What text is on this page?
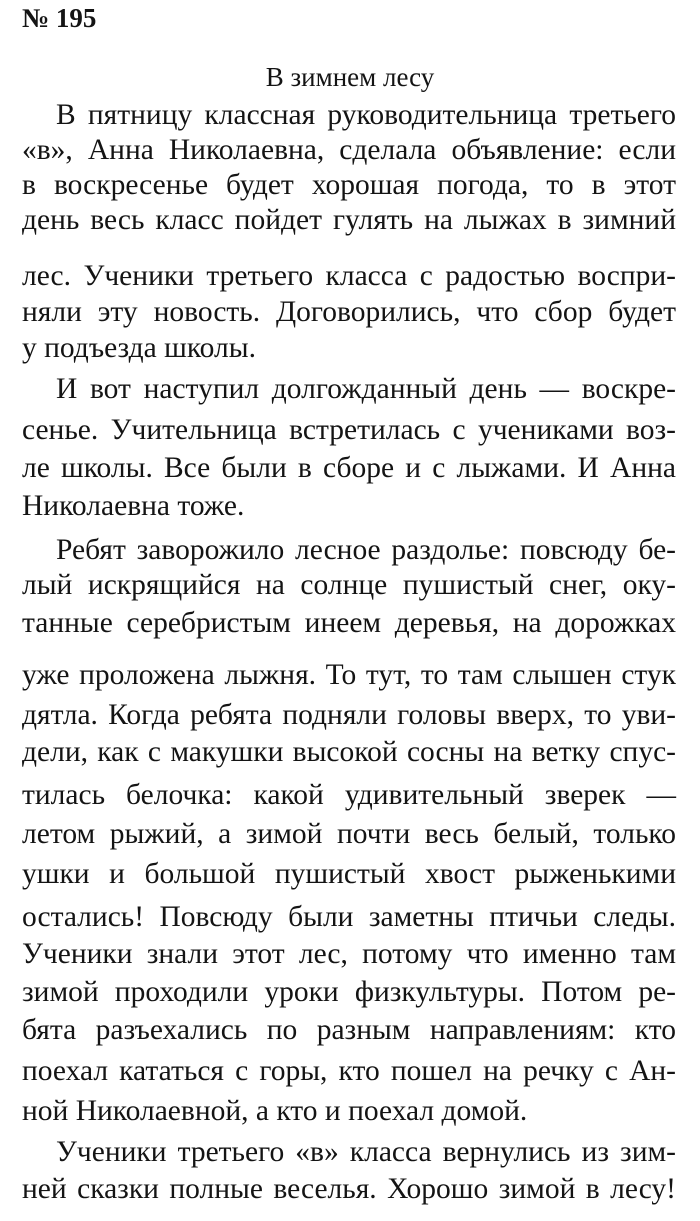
№ 195
В зимнем лесу
В пятницу классная руководительница третьего
«в», Анна Николаевна, сделала объявление: если
в воскресенье будет хорошая погода, то в этот
день весь класс пойдет гулять на лыжах в зимний
лес. Ученики третьего класса с радостью воспри-
няли эту новость. Договорились, что сбор будет
у подъезда школы.
И вот наступил долгожданный день — воскре-
сенье. Учительница встретилась с учениками воз-
ле школы. Все были в сборе и с лыжами. И Анна
Николаевна тоже.
Ребят заворожило лесное раздолье: повсюду бе-
лый искрящийся на солнце пушистый снег, оку-
танные серебристым инеем деревья, на дорожках
уже проложена лыжня. То тут, то там слышен стук
дятла. Когда ребята подняли головы вверх, то уви-
дели, как с макушки высокой сосны на ветку спус-
тилась белочка: какой удивительный зверек —
летом рыжий, а зимой почти весь белый, только
ушки и большой пушистый хвост рыженькими
остались! Повсюду были заметны птичьи следы.
Ученики знали этот лес, потому что именно там
зимой проходили уроки физкультуры. Потом ре-
бята разъехались по разным направлениям: кто
поехал кататься с горы, кто пошел на речку с Ан-
ной Николаевной, а кто и поехал домой.
Ученики третьего «в» класса вернулись из зим-
ней сказки полные веселья. Хорошо зимой в лесу!
